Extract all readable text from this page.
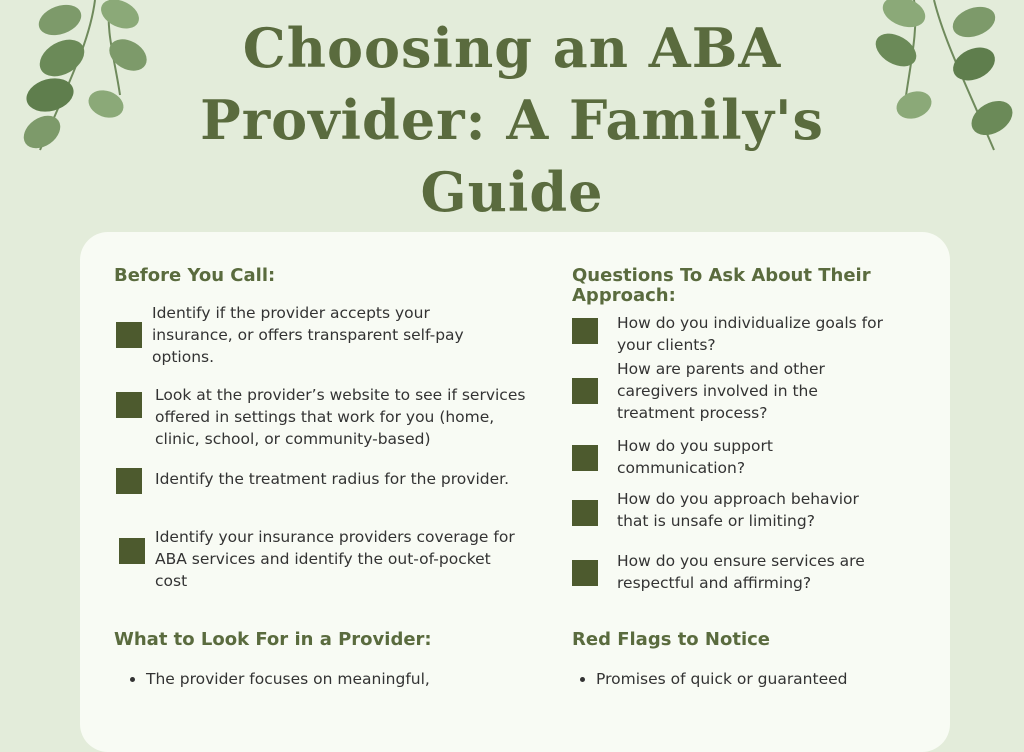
Choosing an ABA Provider: A Family's Guide
Before You Call:
Identify if the provider accepts your insurance, or offers transparent self-pay options.
Look at the provider’s website to see if services offered in settings that work for you (home, clinic, school, or community-based)
Identify the treatment radius for the provider.
Identify your insurance providers coverage for ABA services and identify the out-of-pocket cost
What to Look For in a Provider:
• The provider focuses on meaningful,
Questions To Ask About Their Approach:
How do you individualize goals for your clients?
How are parents and other caregivers involved in the treatment process?
How do you support communication?
How do you approach behavior that is unsafe or limiting?
How do you ensure services are respectful and affirming?
Red Flags to Notice
• Promises of quick or guaranteed
